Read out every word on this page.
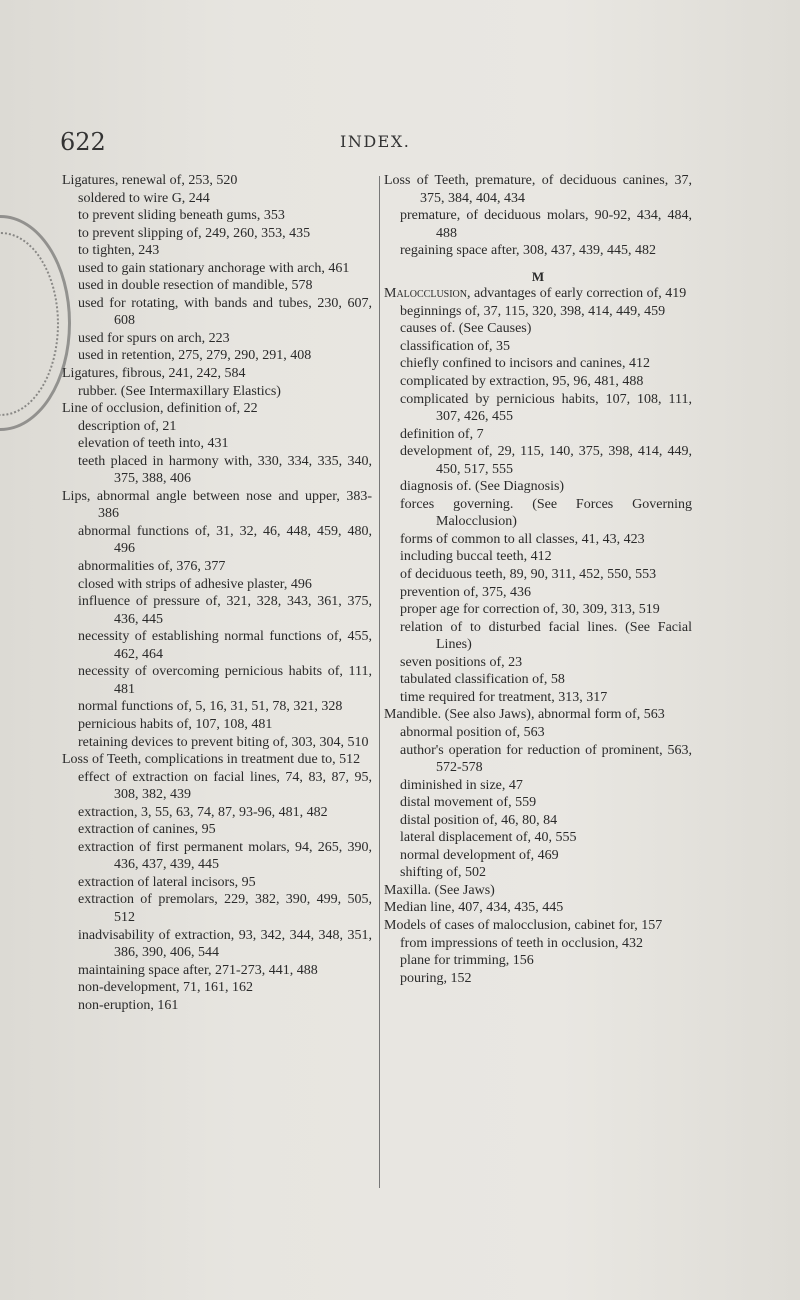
622	INDEX.
Ligatures, renewal of, 253, 520
soldered to wire G, 244
to prevent sliding beneath gums, 353
to prevent slipping of, 249, 260, 353, 435
to tighten, 243
used to gain stationary anchorage with arch, 461
used in double resection of mandible, 578
used for rotating, with bands and tubes, 230, 607, 608
used for spurs on arch, 223
used in retention, 275, 279, 290, 291, 408
Ligatures, fibrous, 241, 242, 584
rubber. (See Intermaxillary Elastics)
Line of occlusion, definition of, 22
description of, 21
elevation of teeth into, 431
teeth placed in harmony with, 330, 334, 335, 340, 375, 388, 406
Lips, abnormal angle between nose and upper, 383-386
abnormal functions of, 31, 32, 46, 448, 459, 480, 496
abnormalities of, 376, 377
closed with strips of adhesive plaster, 496
influence of pressure of, 321, 328, 343, 361, 375, 436, 445
necessity of establishing normal functions of, 455, 462, 464
necessity of overcoming pernicious habits of, 111, 481
normal functions of, 5, 16, 31, 51, 78, 321, 328
pernicious habits of, 107, 108, 481
retaining devices to prevent biting of, 303, 304, 510
Loss of Teeth, complications in treatment due to, 512
effect of extraction on facial lines, 74, 83, 87, 95, 308, 382, 439
extraction, 3, 55, 63, 74, 87, 93-96, 481, 482
extraction of canines, 95
extraction of first permanent molars, 94, 265, 390, 436, 437, 439, 445
extraction of lateral incisors, 95
extraction of premolars, 229, 382, 390, 499, 505, 512
inadvisability of extraction, 93, 342, 344, 348, 351, 386, 390, 406, 544
maintaining space after, 271-273, 441, 488
non-development, 71, 161, 162
non-eruption, 161
Loss of Teeth, premature, of deciduous canines, 37, 375, 384, 404, 434
premature, of deciduous molars, 90-92, 434, 484, 488
regaining space after, 308, 437, 439, 445, 482
M
Malocclusion, advantages of early correction of, 419
beginnings of, 37, 115, 320, 398, 414, 449, 459
causes of. (See Causes)
classification of, 35
chiefly confined to incisors and canines, 412
complicated by extraction, 95, 96, 481, 488
complicated by pernicious habits, 107, 108, 111, 307, 426, 455
definition of, 7
development of, 29, 115, 140, 375, 398, 414, 449, 450, 517, 555
diagnosis of. (See Diagnosis)
forces governing. (See Forces Governing Malocclusion)
forms of common to all classes, 41, 43, 423
including buccal teeth, 412
of deciduous teeth, 89, 90, 311, 452, 550, 553
prevention of, 375, 436
proper age for correction of, 30, 309, 313, 519
relation of to disturbed facial lines. (See Facial Lines)
seven positions of, 23
tabulated classification of, 58
time required for treatment, 313, 317
Mandible. (See also Jaws), abnormal form of, 563
abnormal position of, 563
author's operation for reduction of prominent, 563, 572-578
diminished in size, 47
distal movement of, 559
distal position of, 46, 80, 84
lateral displacement of, 40, 555
normal development of, 469
shifting of, 502
Maxilla. (See Jaws)
Median line, 407, 434, 435, 445
Models of cases of malocclusion, cabinet for, 157
from impressions of teeth in occlusion, 432
plane for trimming, 156
pouring, 152
